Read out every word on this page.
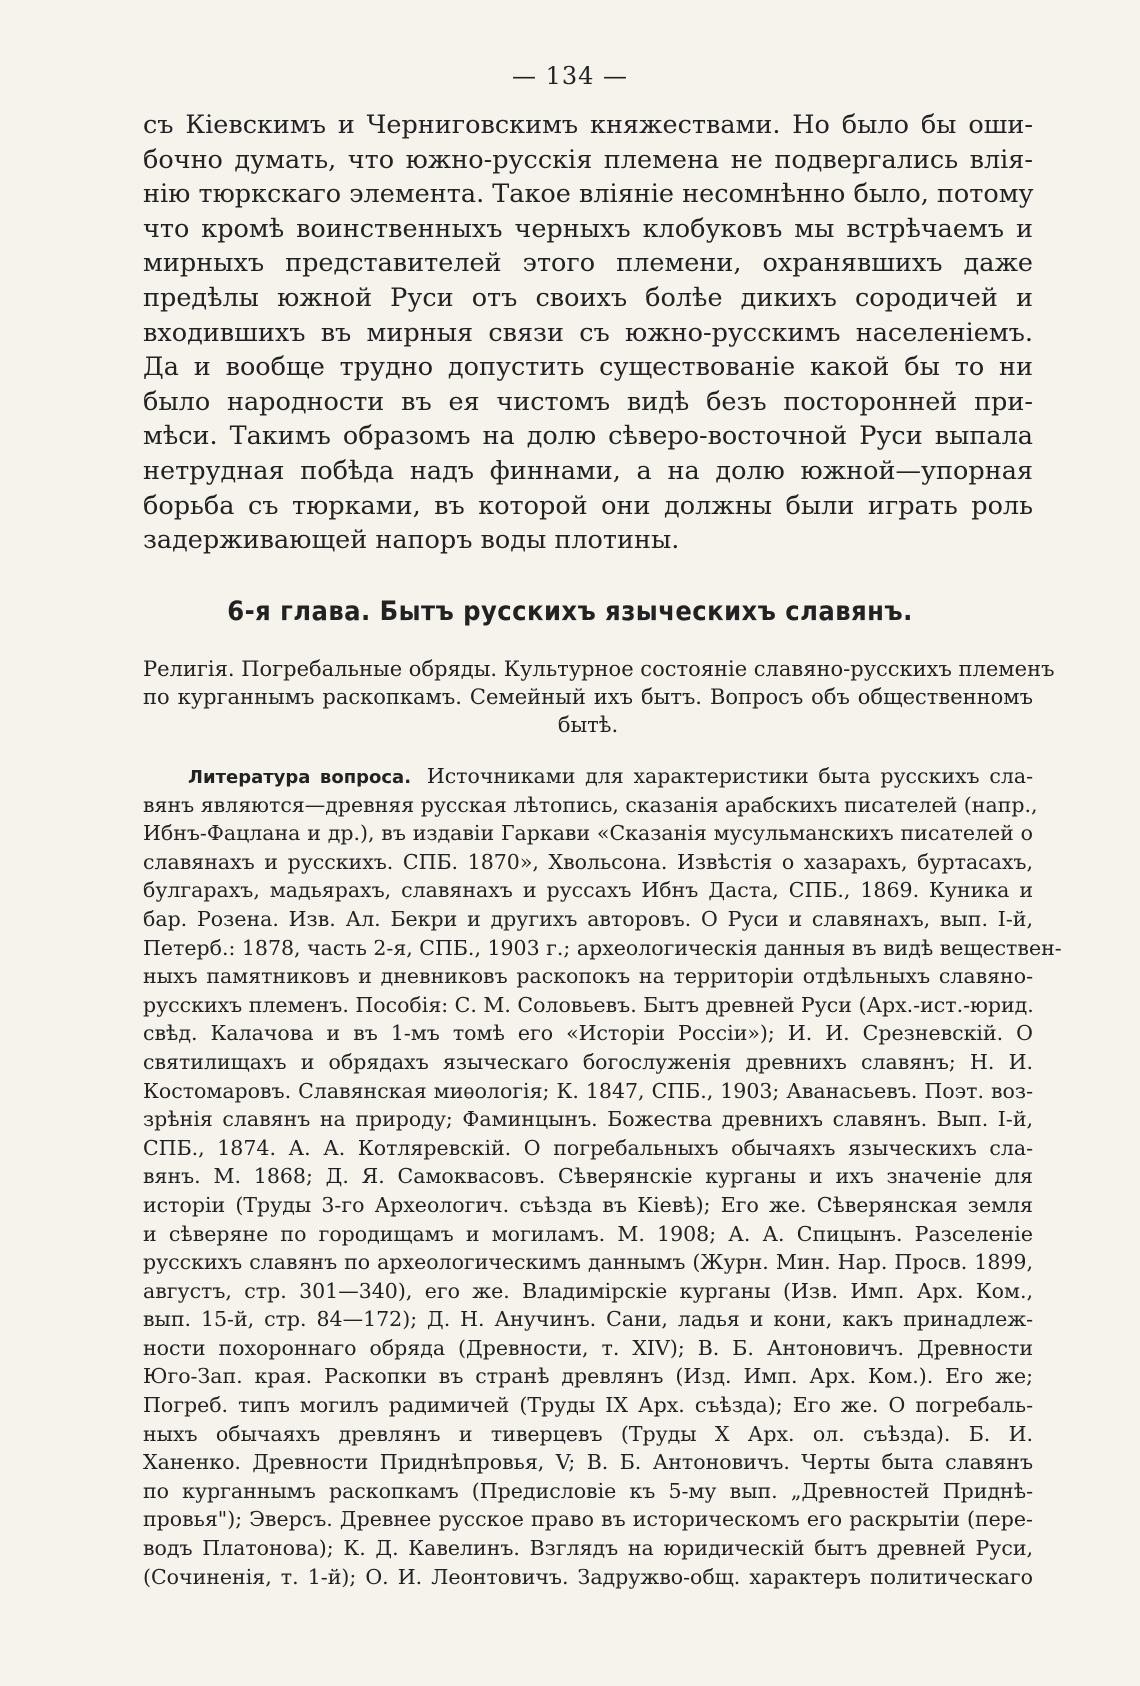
— 134 —
съ Кіевскимъ и Черниговскимъ княжествами. Но было бы оши-
бочно думать, что южно-русскія племена не подвергались влія-
нію тюркскаго элемента. Такое вліяніе несомнѣнно было, потому
что кромѣ воинственныхъ черныхъ клобуковъ мы встрѣчаемъ и
мирныхъ представителей этого племени, охранявшихъ даже
предѣлы южной Руси отъ своихъ болѣе дикихъ сородичей и
входившихъ въ мирныя связи съ южно-русскимъ населеніемъ.
Да и вообще трудно допустить существованіе какой бы то ни
было народности въ ея чистомъ видѣ безъ посторонней при-
мѣси. Такимъ образомъ на долю сѣверо-восточной Руси выпала
нетрудная побѣда надъ финнами, а на долю южной—упорная
борьба съ тюрками, въ которой они должны были играть роль
задерживающей напоръ воды плотины.
6-я глава. Бытъ русскихъ языческихъ славянъ.
Религія. Погребальные обряды. Культурное состояніе славяно-русскихъ племенъ
по курганнымъ раскопкамъ. Семейный ихъ бытъ. Вопросъ объ общественномъ
бытѣ.
Литература вопроса. Источниками для характеристики быта русскихъ сла-
вянъ являются—древняя русская лѣтопись, сказанія арабскихъ писателей (напр.,
Ибнъ-Фацлана и др.), въ издавіи Гаркави «Сказанія мусульманскихъ писателей о
славянахъ и русскихъ. СПБ. 1870», Хвольсона. Извѣстія о хазарахъ, буртасахъ,
булгарахъ, мадьярахъ, славянахъ и руссахъ Ибнъ Даста, СПБ., 1869. Куника и
бар. Розена. Изв. Ал. Бекри и другихъ авторовъ. О Руси и славянахъ, вып. І-й,
Петерб.: 1878, часть 2-я, СПБ., 1903 г.; археологическія данныя въ видѣ веществен-
ныхъ памятниковъ и дневниковъ раскопокъ на территоріи отдѣльныхъ славяно-
русскихъ племенъ. Пособія: С. М. Соловьевъ. Бытъ древней Руси (Арх.-ист.-юрид.
свѣд. Калачова и въ 1-мъ томѣ его «Исторіи Россіи»); И. И. Срезневскій. О
святилищахъ и обрядахъ языческаго богослуженія древнихъ славянъ; Н. И.
Костомаровъ. Славянская миѳологія; К. 1847, СПБ., 1903; Аванасьевъ. Поэт. воз-
зрѣнія славянъ на природу; Фаминцынъ. Божества древнихъ славянъ. Вып. І-й,
СПБ., 1874. А. А. Котляревскій. О погребальныхъ обычаяхъ языческихъ сла-
вянъ. М. 1868; Д. Я. Самоквасовъ. Сѣверянскіе курганы и ихъ значеніе для
исторіи (Труды 3-го Археологич. съѣзда въ Кіевѣ); Его же. Сѣверянская земля
и сѣверяне по городищамъ и могиламъ. М. 1908; А. А. Спицынъ. Разселеніе
русскихъ славянъ по археологическимъ даннымъ (Журн. Мин. Нар. Просв. 1899,
августъ, стр. 301—340), его же. Владимірскіе курганы (Изв. Имп. Арх. Ком.,
вып. 15-й, стр. 84—172); Д. Н. Анучинъ. Сани, ладья и кони, какъ принадлеж-
ности похороннаго обряда (Древности, т. XIV); В. Б. Антоновичъ. Древности
Юго-Зап. края. Раскопки въ странѣ древлянъ (Изд. Имп. Арх. Ком.). Его же;
Погреб. типъ могилъ радимичей (Труды IX Арх. съѣзда); Его же. О погребаль-
ныхъ обычаяхъ древлянъ и тиверцевъ (Труды X Арх. ол. съѣзда). Б. И.
Ханенко. Древности Приднѣпровья, V; В. Б. Антоновичъ. Черты быта славянъ
по курганнымъ раскопкамъ (Предисловіе къ 5-му вып. „Древностей Приднѣ-
провья"); Эверсъ. Древнее русское право въ историческомъ его раскрытіи (пере-
водъ Платонова); К. Д. Кавелинъ. Взглядъ на юридическій бытъ древней Руси,
(Сочиненія, т. 1-й); О. И. Леонтовичъ. Задружво-общ. характеръ политическаго
